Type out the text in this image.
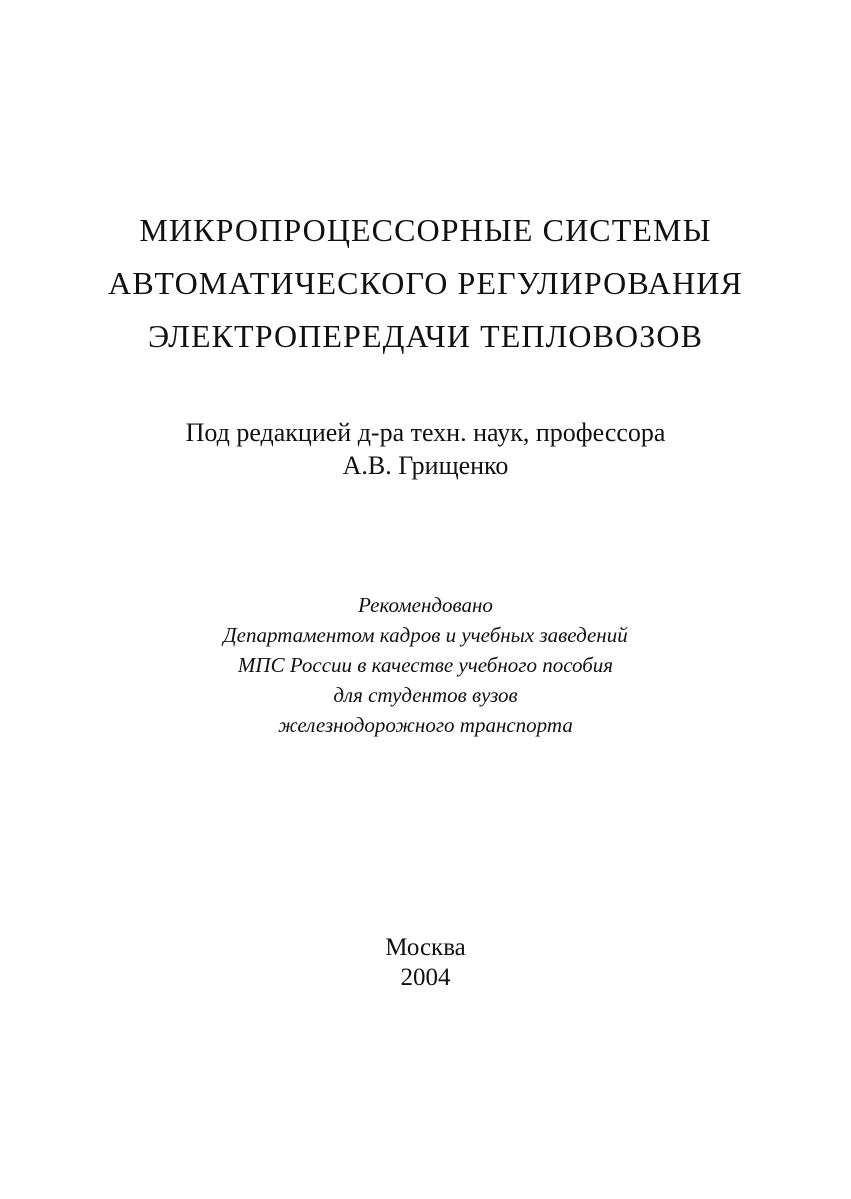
МИКРОПРОЦЕССОРНЫЕ СИСТЕМЫ
АВТОМАТИЧЕСКОГО РЕГУЛИРОВАНИЯ
ЭЛЕКТРОПЕРЕДАЧИ ТЕПЛОВОЗОВ
Под редакцией д-ра техн. наук, профессора
А.В. Грищенко
Рекомендовано
Департаментом кадров и учебных заведений
МПС России в качестве учебного пособия
для студентов вузов
железнодорожного транспорта
Москва
2004
